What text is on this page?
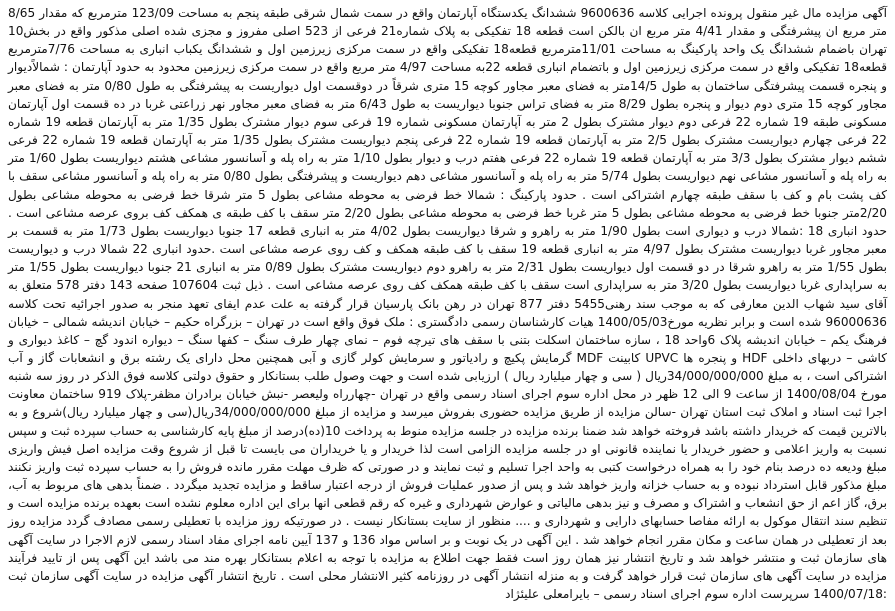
آگهی مزایده مال غیر منقول پرونده اجرایی کلاسه 9600636 ششدانگ یکدستگاه آپارتمان واقع در سمت شمال شرقی طبقه پنجم به مساحت 123/09 مترمربع که مقدار 8/65 متر مربع ان پیشرفتگی و مقدار 4/41 متر مربع ان بالکن است قطعه 18 تفکیکی به پلاک شماره21 فرعی از 523 اصلی مفروز و مجزی شده اصلی مذکور واقع در بخش10 تهران باضمام ششدانگ یک واحد پارکینگ به مساحت 11/01مترمربع قطعه18 تفکیکی واقع در سمت مرکزی زیرزمین اول و ششدانگ یکباب انباری به مساحت 7/76مترمربع قطعه18 تفکیکی واقع در سمت مرکزی زیرزمین اول و باتضمام انباری قطعه 22به مساحت 4/97 متر مربع واقع در سمت مرکزی زیرزمین محدود به حدود آپارتمان : شمالاًدیوار و پنجره قسمت پیشرفتگی ساختمان به طول 14/5متر به فضای معبر مجاور کوچه 15 متری شرقاً در دوقسمت اول دیواریست به پیشرفتگی به طول 0/80 متر به فضای معبر مجاور کوچه 15 متری دوم دیوار و پنجره بطول 8/29 متر به فضای تراس جنوبا دیواریست به طول 6/43 متر به فضای معبر مجاور نهر زراعتی غربا در ده قسمت اول آپارتمان مسکونی طبقه 19 شماره 22 فرعی دوم دیوار مشترک بطول 2 متر به آپارتمان مسکونی شماره 19 فرعی سوم دیوار مشترک بطول 1/35 متر به آپارتمان قطعه 19 شماره 22 فرعی چهارم دیواریست مشترک بطول 2/5 متر به آپارتمان قطعه 19 شماره 22 فرعی پنجم دیواریست مشترک بطول 1/35 متر به آپارتمان قطعه 19 شماره 22 فرعی ششم دیوار مشترک بطول 3/3 متر به آپارتمان قطعه 19 شماره 22 فرعی هفتم درب و دیوار بطول 1/10 متر به راه پله و آسانسور مشاعی هشتم دیواریست بطول 1/60 متر به راه پله و آسانسور مشاعی نهم دیواریست بطول 5/74 متر به راه پله و آسانسور مشاعی دهم دیواریست و پیشرفتگی بطول 0/80 متر به راه پله و آسانسور مشاعی سقف با کف پشت بام و کف با سقف طبقه چهارم اشتراکی است . حدود پارکینگ : شمالا خط فرضی به محوطه مشاعی بطول 5 متر شرقا خط فرضی به محوطه مشاعی بطول 2/20متر جنوبا خط فرضی به محوطه مشاعی بطول 5 متر غربا خط فرضی به محوطه مشاعی بطول 2/20 متر سقف با کف طبقه ی همکف کف بروی عرصه مشاعی است . حدود انباری 18 :شمالا درب و دیواری است بطول 1/90 متر به راهرو و شرقا دیواریست بطول 4/02 متر به انباری قطعه 17 جنوبا دیواریست بطول 1/73 متر به قسمت بر معبر مجاور غربا دیواریست مشترک بطول 4/97 متر به انباری قطعه 19 سقف با کف طبقه همکف و کف روی عرصه مشاعی است .حدود انباری 22 شمالا درب و دیواریست بطول 1/55 متر به راهرو شرقا در دو قسمت اول دیواریست بطول 2/31 متر به راهرو دوم دیواریست مشترک بطول 0/89 متر به انباری 21 جنوبا دیواریست بطول 1/55 متر به سراپداری غربا دیواریست بطول 3/20 متر به سراپداری است سقف با کف طبقه همکف کف روی عرصه مشاعی است . ذیل ثبت 107604 صفحه 143 دفتر 578 متعلق به آقای سید شهاب الدین معارفی که به موجب سند رهنی5455 دفتر 877 تهران در رهن بانک پارسیان قرار گرفته به علت عدم ایفای تعهد منجر به صدور اجرائیه تحت کلاسه 96000636 شده است و برابر نظریه مورخ1400/05/03 هیات کارشناسان رسمی دادگستری : ملک فوق واقع است در تهران – بزرگراه حکیم – خیابان اندیشه شمالی – خیابان فرهنگ یکم – خیابان اندیشه پلاک 6واحد 18 ، سازه ساختمان اسکلت بتنی با سقف های تیرچه فوم – نمای چهار طرف سنگ – کفها سنگ – دیواره اندود گچ – کاغذ دیواری و کاشی – دربهای داخلی HDF و پنجره ها UPVC کابینت MDF گرمایش پکیچ و رادیاتور و سرمایش کولر گازی و آبی همچنین محل دارای یک رشته برق و انشعابات گاز و آب اشتراکی است ، به مبلغ 34/000/000/000ریال ( سی و چهار میلیارد ریال ) ارزیابی شده است و جهت وصول طلب بستانکار و حقوق دولتی کلاسه فوق الذکر در روز سه شنبه مورخ 1400/08/04 از ساعت 9 الی 12 ظهر در محل اداره سوم اجرای اسناد رسمی واقع در تهران -چهارراه ولیعصر -نبش خیابان برادران مظفر-پلاک 919 ساختمان معاونت اجرا ثبت اسناد و املاک ثبت استان تهران -سالن مزایده از طریق مزایده حضوری بفروش میرسد و مزایده از مبلغ 34/000/000/000ریال(سی و چهار میلیارد ریال)شروع و به بالاترین قیمت که خریدار داشته باشد فروخته خواهد شد ضمنا برنده مزایده در جلسه مزایده منوط به پرداخت 10(ده)درصد از مبلغ پایه کارشناسی به حساب سپرده ثبت و سپس نسبت به واریز اعلامی و حضور خریدار یا نماینده قانونی او در جلسه مزایده الزامی است لذا خریدار و یا خریداران می بایست تا قبل از شروع وقت مزایده اصل فیش واریزی مبلغ ودیعه ده درصد بنام خود را به همراه درخواست کتبی به واحد اجرا تسلیم و ثبت نمایند و در صورتی که ظرف مهلت مقرر مانده فروش را به حساب سپرده ثبت واریز نکنند مبلغ مذکور قابل استرداد نبوده و به حساب خزانه واریز خواهد شد و پس از صدور عملیات فروش از درجه اعتبار ساقط و مزایده تجدید میگردد . ضمناً بدهی های مربوط به آب، برق، گاز اعم از حق انشعاب و اشتراک و مصرف و نیز بدهی مالیاتی و عوارض شهرداری و غیره که رقم قطعی انها برای این اداره معلوم نشده است بعهده برنده مزایده است و تنظیم سند انتقال موکول به ارائه مفاصا حسابهای دارایی و شهرداری و .... منظور از سایت بستانکار نیست . در صورتیکه روز مزایده با تعطیلی رسمی مصادف گردد مزایده روز بعد از تعطیلی در همان ساعت و مکان مقرر انجام خواهد شد . این آگهی در یک نوبت و بر اساس مواد 136 و 137 آیین نامه اجرای مفاد اسناد رسمی لازم الاجرا در سایت آگهی های سازمان ثبت و منتشر خواهد شد و تاریخ انتشار نیز همان روز است فقط جهت اطلاع به مزایده با توجه به اعلام بستانکار بهره مند می باشد این آگهی پس از تایید فرآیند مزایده در سایت آگهی های سازمان ثبت قرار خواهد گرفت و به منزله انتشار آگهی در روزنامه کثیر الانتشار محلی است . تاریخ انتشار آگهی مزایده در سایت آگهی سازمان ثبت :1400/07/18 سرپرست اداره سوم اجرای اسناد رسمی – بایرامعلی علیئژاد
